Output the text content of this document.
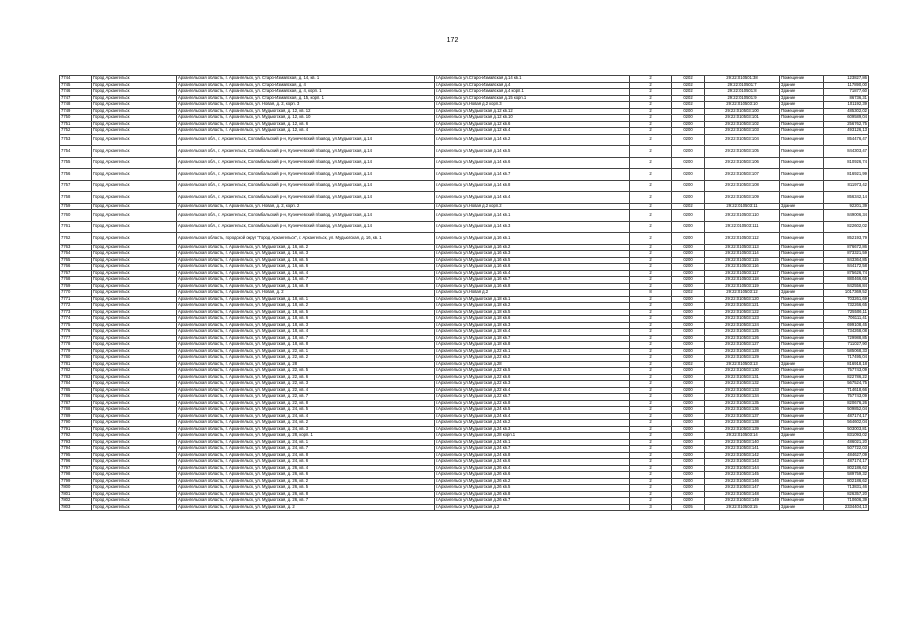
172
7744	Город Архангельск	Архангельская область, г. Архангельск, ул. Старо-Измайская, д. 14, кв. 1	г.Архангельск ул.Старо-Измайская д.14 кв.1	2	0202	29:22:010501:38	Помещение	123827,86
7745	Город Архангельск	Архангельская область, г. Архангельск, ул. Старо-Измайская, д. 4	г.Архангельск ул.Старо-Измайская д.4	2	0202	29:22:010501:7	Здание	117890,00
7746	Город Архангельск	Архангельская область, г. Архангельск, ул. Старо-Измайская, д. 4, корп. 1	г.Архангельск ул.Старо-Измайская д.4 корп.1	2	0202	29:22:010501:8	Здание	71877,60
7747	Город Архангельск	Архангельская область, г. Архангельск, ул. Старо-Измайская, д. 15, корп. 1	г.Архангельск ул.Старо-Измайская д.15 корп.1	2	0202	29:22:010501:9	Здание	86736,31
7748	Город Архангельск	Архангельская область, г. Архангельск, ул. Новая, д. 2, корп. 3	г.Архангельск ул.Новая д.2 корп.3	2	0202	29:22:010503:10	Здание	101192,39
7749	Город Архангельск	Архангельская область, г. Архангельск, ул. Мудьюгская, д. 12, кв. 12	г.Архангельск ул.Мудьюгская д.12 кв.12	2	0200	29:22:010503:100	Помещение	485302,02
7750	Город Архангельск	Архангельская область, г. Архангельск, ул. Мудьюгская, д. 12, кв. 10	г.Архангельск ул.Мудьюгская д.12 кв.10	2	0200	29:22:010503:101	Помещение	609589,04
7751	Город Архангельск	Архангельская область, г. Архангельск, ул. Мудьюгская, д. 12, кв. 6	г.Архангельск ул.Мудьюгская д.12 кв.6	2	0200	29:22:010503:102	Помещение	256762,75
7752	Город Архангельск	Архангельская область, г. Архангельск, ул. Мудьюгская, д. 12, кв. 4	г.Архангельск ул.Мудьюгская д.12 кв.4	2	0200	29:22:010503:103	Помещение	493126,13
7753	Город Архангельск	Архангельская обл., г. Архангельск, Соломбальский р-н, Кузнечевский п/завод, ул.Мудьюгская, д.14	г.Архангельск ул.Мудьюгская д.14 кв.2	2	0200	29:22:010503:104	Помещение	854476,47
7754	Город Архангельск	Архангельская обл., г. Архангельск, Соломбальский р-н, Кузнечевский п/завод, ул.Мудьюгская, д.14	г.Архангельск ул.Мудьюгская д.14 кв.5	2	0200	29:22:010503:105	Помещение	844303,47
7755	Город Архангельск	Архангельская обл., г. Архангельск, Соломбальский р-н, Кузнечевский п/завод, ул.Мудьюгская, д.14	г.Архангельск ул.Мудьюгская д.14 кв.6	2	0200	29:22:010503:106	Помещение	810926,74
7756	Город Архангельск	Архангельская обл., г. Архангельск, Соломбальский р-н, Кузнечевский п/завод, ул.Мудьюгская, д.14	г.Архангельск ул.Мудьюгская д.14 кв.7	2	0200	29:22:010503:107	Помещение	816921,99
7757	Город Архангельск	Архангельская обл., г. Архангельск, Соломбальский р-н, Кузнечевский п/завод, ул.Мудьюгская, д.14	г.Архангельск ул.Мудьюгская д.14 кв.8	2	0200	29:22:010503:108	Помещение	811973,42
7758	Город Архангельск	Архангельская обл., г. Архангельск, Соломбальский р-н, Кузнечевский п/завод, ул.Мудьюгская, д.14	г.Архангельск ул.Мудьюгская д.14 кв.4	2	0200	29:22:010503:109	Помещение	856342,14
7759	Город Архангельск	Архангельская область, г. Архангельск, ул. Новая, д. 2, корп. 2	г.Архангельск ул.Новая д.2 корп.2	2	0202	29:22:010503:11	Здание	92201,39
7760	Город Архангельск	Архангельская обл., г. Архангельск, Соломбальский р-н, Кузнечевский п/завод, ул.Мудьюгская, д.14	г.Архангельск ул.Мудьюгская д.14 кв.1	2	0200	29:22:010503:110	Помещение	849006,34
7761	Город Архангельск	Архангельская обл., г. Архангельск, Соломбальский р-н, Кузнечевский п/завод, ул.Мудьюгская, д.14	г.Архангельск ул.Мудьюгская д.14 кв.3	2	0200	29:22:010503:111	Помещение	822602,02
7762	Город Архангельск	Архангельская область, городской округ "Город Архангельск", г. Архангельск, ул. Мудьюгская, д. 16, кв. 1	г.Архангельск ул.Мудьюгская д.16 кв.1	2	0200	29:22:010503:112	Помещение	852193,79
7763	Город Архангельск	Архангельская область, г. Архангельск, ул. Мудьюгская, д. 16, кв. 2	г.Архангельск ул.Мудьюгская д.16 кв.2	2	0200	29:22:010503:113	Помещение	876672,86
7764	Город Архангельск	Архангельская область, г. Архангельск, ул. Мудьюгская, д. 16, кв. 3	г.Архангельск ул.Мудьюгская д.16 кв.3	2	0200	29:22:010503:114	Помещение	873321,59
7765	Город Архангельск	Архангельская область, г. Архангельск, ул. Мудьюгская, д. 16, кв. 5	г.Архангельск ул.Мудьюгская д.16 кв.5	2	0200	29:22:010503:115	Помещение	843364,85
7766	Город Архангельск	Архангельская область, г. Архангельск, ул. Мудьюгская, д. 16, кв. 6	г.Архангельск ул.Мудьюгская д.16 кв.6	2	0200	29:22:010503:116	Помещение	844172,58
7767	Город Архангельск	Архангельская область, г. Архангельск, ул. Мудьюгская, д. 16, кв. 4	г.Архангельск ул.Мудьюгская д.16 кв.4	2	0200	29:22:010503:117	Помещение	875626,74
7768	Город Архангельск	Архангельская область, г. Архангельск, ул. Мудьюгская, д. 16, кв. 7	г.Архангельск ул.Мудьюгская д.16 кв.7	2	0200	29:22:010503:118	Помещение	880466,65
7769	Город Архангельск	Архангельская область, г. Архангельск, ул. Мудьюгская, д. 16, кв. 8	г.Архангельск ул.Мудьюгская д.16 кв.8	2	0200	29:22:010503:119	Помещение	842556,84
7770	Город Архангельск	Архангельская область, г. Архангельск, ул. Новая, д. 2	г.Архангельск ул.Новая д.2	8	0202	29:22:010503:12	Здание	1017369,52
7771	Город Архангельск	Архангельская область, г. Архангельск, ул. Мудьюгская, д. 18, кв. 1	г.Архангельск ул.Мудьюгская д.18 кв.1	2	0200	29:22:010503:120	Помещение	703261,69
7772	Город Архангельск	Архангельская область, г. Архангельск, ул. Мудьюгская, д. 18, кв. 2	г.Архангельск ул.Мудьюгская д.18 кв.2	2	0200	29:22:010503:121	Помещение	732266,65
7773	Город Архангельск	Архангельская область, г. Архангельск, ул. Мудьюгская, д. 18, кв. 5	г.Архангельск ул.Мудьюгская д.18 кв.5	2	0200	29:22:010503:122	Помещение	725506,11
7774	Город Архангельск	Архангельская область, г. Архангельск, ул. Мудьюгская, д. 18, кв. 6	г.Архангельск ул.Мудьюгская д.18 кв.6	2	0200	29:22:010503:123	Помещение	706111,41
7775	Город Архангельск	Архангельская область, г. Архангельск, ул. Мудьюгская, д. 18, кв. 3	г.Архангельск ул.Мудьюгская д.18 кв.3	2	0200	29:22:010503:124	Помещение	699108,45
7776	Город Архангельск	Архангельская область, г. Архангельск, ул. Мудьюгская, д. 18, кв. 4	г.Архангельск ул.Мудьюгская д.18 кв.4	2	0200	29:22:010503:125	Помещение	734268,08
7777	Город Архангельск	Архангельская область, г. Архангельск, ул. Мудьюгская, д. 18, кв. 7	г.Архангельск ул.Мудьюгская д.18 кв.7	2	0200	29:22:010503:126	Помещение	729988,85
7778	Город Архангельск	Архангельская область, г. Архангельск, ул. Мудьюгская, д. 18, кв. 8	г.Архангельск ул.Мудьюгская д.18 кв.8	2	0200	29:22:010503:127	Помещение	711027,90
7779	Город Архангельск	Архангельская область, г. Архангельск, ул. Мудьюгская, д. 22, кв. 1	г.Архангельск ул.Мудьюгская д.22 кв.1	2	0200	29:22:010503:128	Помещение	585068,33
7780	Город Архангельск	Архангельская область, г. Архангельск, ул. Мудьюгская, д. 22, кв. 2	г.Архангельск ул.Мудьюгская д.22 кв.2	2	0200	29:22:010503:129	Помещение	717495,04
7781	Город Архангельск	Архангельская область, г. Архангельск, ул. Мудьюгская, д. 28	г.Архангельск ул.Мудьюгская д.28	2	0202	29:22:010503:13	Здание	816918,18
7782	Город Архангельск	Архангельская область, г. Архангельск, ул. Мудьюгская, д. 22, кв. 5	г.Архангельск ул.Мудьюгская д.22 кв.5	2	0200	29:22:010503:130	Помещение	757743,09
7783	Город Архангельск	Архангельская область, г. Архангельск, ул. Мудьюгская, д. 22, кв. 6	г.Архангельск ул.Мудьюгская д.22 кв.6	2	0200	29:22:010503:131	Помещение	822786,22
7784	Город Архангельск	Архангельская область, г. Архангельск, ул. Мудьюгская, д. 22, кв. 3	г.Архангельск ул.Мудьюгская д.22 кв.3	2	0200	29:22:010503:132	Помещение	567524,75
7785	Город Архангельск	Архангельская область, г. Архангельск, ул. Мудьюгская, д. 22, кв. 4	г.Архангельск ул.Мудьюгская д.22 кв.4	2	0200	29:22:010503:133	Помещение	714618,66
7786	Город Архангельск	Архангельская область, г. Архангельск, ул. Мудьюгская, д. 22, кв. 7	г.Архангельск ул.Мудьюгская д.22 кв.7	2	0200	29:22:010503:134	Помещение	757743,09
7787	Город Архангельск	Архангельская область, г. Архангельск, ул. Мудьюгская, д. 22, кв. 8	г.Архангельск ул.Мудьюгская д.22 кв.8	2	0200	29:22:010503:135	Помещение	820676,26
7788	Город Архангельск	Архангельская область, г. Архангельск, ул. Мудьюгская, д. 24, кв. 5	г.Архангельск ул.Мудьюгская д.24 кв.5	2	0200	29:22:010503:136	Помещение	509852,04
7789	Город Архангельск	Архангельская область, г. Архангельск, ул. Мудьюгская, д. 24, кв. 4	г.Архангельск ул.Мудьюгская д.24 кв.4	2	0200	29:22:010503:137	Помещение	487174,17
7790	Город Архангельск	Архангельская область, г. Архангельск, ул. Мудьюгская, д. 24, кв. 2	г.Архангельск ул.Мудьюгская д.24 кв.2	2	0200	29:22:010503:138	Помещение	564602,04
7791	Город Архангельск	Архангельская область, г. Архангельск, ул. Мудьюгская, д. 24, кв. 3	г.Архангельск ул.Мудьюгская д.24 кв.3	2	0200	29:22:010503:139	Помещение	503003,81
7792	Город Архангельск	Архангельская область, г. Архангельск, ул. Мудьюгская, д. 28, корп. 1	г.Архангельск ул.Мудьюгская д.28 корп.1	2	0200	29:22:010503:14	Здание	831093,02
7793	Город Архангельск	Архангельская область, г. Архангельск, ул. Мудьюгская, д. 24, кв. 1	г.Архангельск ул.Мудьюгская д.24 кв.1	2	0200	29:22:010503:140	Помещение	486021,20
7794	Город Архангельск	Архангельская область, г. Архангельск, ул. Мудьюгская, д. 24, кв. 7	г.Архангельск ул.Мудьюгская д.24 кв.7	2	0200	29:22:010503:141	Помещение	507722,03
7795	Город Архангельск	Архангельская область, г. Архангельск, ул. Мудьюгская, д. 24, кв. 8	г.Архангельск ул.Мудьюгская д.24 кв.8	2	0200	29:22:010503:142	Помещение	484627,09
7796	Город Архангельск	Архангельская область, г. Архангельск, ул. Мудьюгская, д. 24, кв. 6	г.Архангельск ул.Мудьюгская д.24 кв.6	2	0200	29:22:010503:143	Помещение	487174,17
7797	Город Архангельск	Архангельская область, г. Архангельск, ул. Мудьюгская, д. 26, кв. 4	г.Архангельск ул.Мудьюгская д.26 кв.4	2	0200	29:22:010503:144	Помещение	802186,62
7798	Город Архангельск	Архангельская область, г. Архангельск, ул. Мудьюгская, д. 26, кв. 6	г.Архангельск ул.Мудьюгская д.26 кв.6	2	0200	29:22:010503:145	Помещение	589759,32
7799	Город Архангельск	Архангельская область, г. Архангельск, ул. Мудьюгская, д. 26, кв. 2	г.Архангельск ул.Мудьюгская д.26 кв.2	2	0200	29:22:010503:146	Помещение	802186,62
7800	Город Архангельск	Архангельская область, г. Архангельск, ул. Мудьюгская, д. 26, кв. 5	г.Архангельск ул.Мудьюгская д.26 кв.5	2	0200	29:22:010503:147	Помещение	713831,46
7801	Город Архангельск	Архангельская область, г. Архангельск, ул. Мудьюгская, д. 26, кв. 8	г.Архангельск ул.Мудьюгская д.26 кв.8	2	0200	29:22:010503:148	Помещение	826357,20
7802	Город Архангельск	Архангельская область, г. Архангельск, ул. Мудьюгская, д. 26, кв. 7	г.Архангельск ул.Мудьюгская д.26 кв.7	2	0200	29:22:010503:149	Помещение	710606,39
7803	Город Архангельск	Архангельская область, г. Архангельск, ул. Мудьюгская, д. 2	г.Архангельск ул.Мудьюгская д.2	3	0205	29:22:010503:15	Здание	2334404,13
